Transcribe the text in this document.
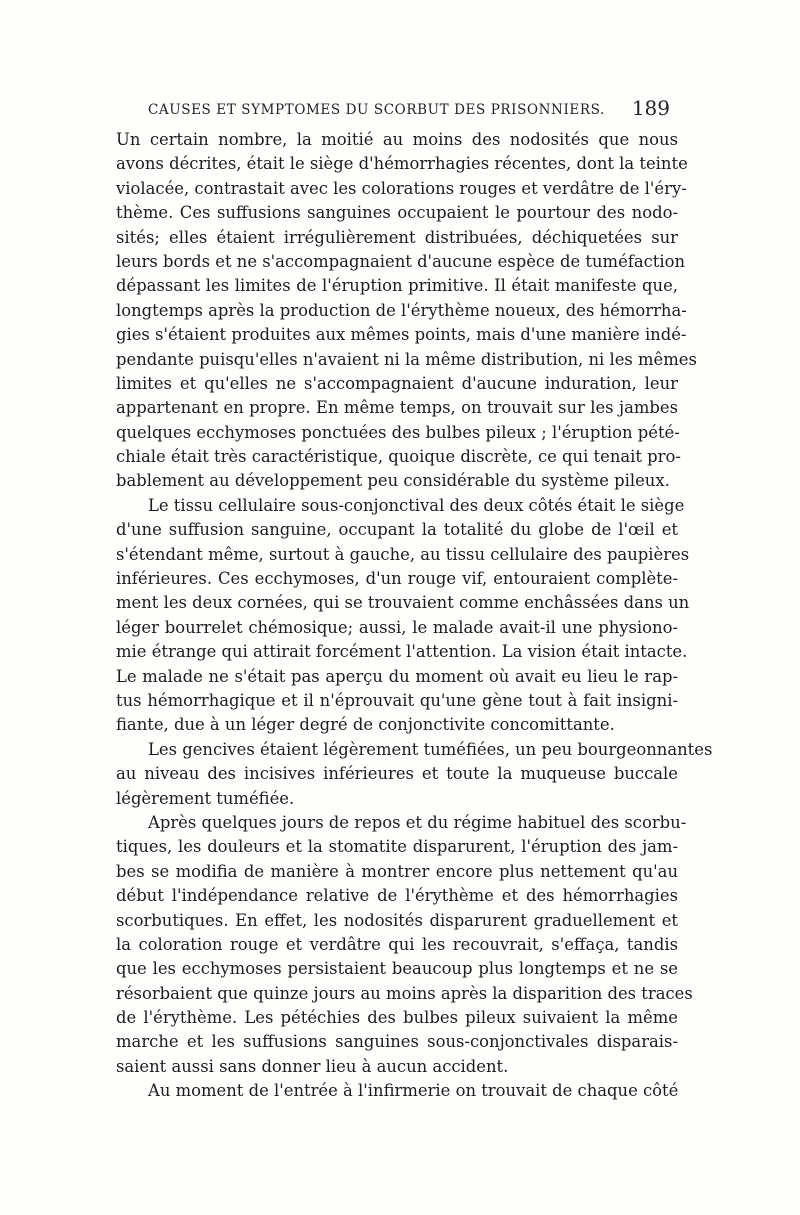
CAUSES ET SYMPTOMES DU SCORBUT DES PRISONNIERS. 189
Un certain nombre, la moitié au moins des nodosités que nous
avons décrites, était le siège d'hémorrhagies récentes, dont la teinte
violacée, contrastait avec les colorations rouges et verdâtre de l'éry-
thème. Ces suffusions sanguines occupaient le pourtour des nodo-
sités; elles étaient irrégulièrement distribuées, déchiquetées sur
leurs bords et ne s'accompagnaient d'aucune espèce de tuméfaction
dépassant les limites de l'éruption primitive. Il était manifeste que,
longtemps après la production de l'érythème noueux, des hémorrha-
gies s'étaient produites aux mêmes points, mais d'une manière indé-
pendante puisqu'elles n'avaient ni la même distribution, ni les mêmes
limites et qu'elles ne s'accompagnaient d'aucune induration, leur
appartenant en propre. En même temps, on trouvait sur les jambes
quelques ecchymoses ponctuées des bulbes pileux ; l'éruption pété-
chiale était très caractéristique, quoique discrète, ce qui tenait pro-
bablement au développement peu considérable du système pileux.
Le tissu cellulaire sous-conjonctival des deux côtés était le siège
d'une suffusion sanguine, occupant la totalité du globe de l'œil et
s'étendant même, surtout à gauche, au tissu cellulaire des paupières
inférieures. Ces ecchymoses, d'un rouge vif, entouraient complète-
ment les deux cornées, qui se trouvaient comme enchâssées dans un
léger bourrelet chémosique; aussi, le malade avait-il une physiono-
mie étrange qui attirait forcément l'attention. La vision était intacte.
Le malade ne s'était pas aperçu du moment où avait eu lieu le rap-
tus hémorrhagique et il n'éprouvait qu'une gène tout à fait insigni-
fiante, due à un léger degré de conjonctivite concomittante.
Les gencives étaient légèrement tuméfiées, un peu bourgeonnantes
au niveau des incisives inférieures et toute la muqueuse buccale
légèrement tuméfiée.
Après quelques jours de repos et du régime habituel des scorbu-
tiques, les douleurs et la stomatite disparurent, l'éruption des jam-
bes se modifia de manière à montrer encore plus nettement qu'au
début l'indépendance relative de l'érythème et des hémorrhagies
scorbutiques. En effet, les nodosités disparurent graduellement et
la coloration rouge et verdâtre qui les recouvrait, s'effaça, tandis
que les ecchymoses persistaient beaucoup plus longtemps et ne se
résorbaient que quinze jours au moins après la disparition des traces
de l'érythème. Les pétéchies des bulbes pileux suivaient la même
marche et les suffusions sanguines sous-conjonctivales disparais-
saient aussi sans donner lieu à aucun accident.
Au moment de l'entrée à l'infirmerie on trouvait de chaque côté
